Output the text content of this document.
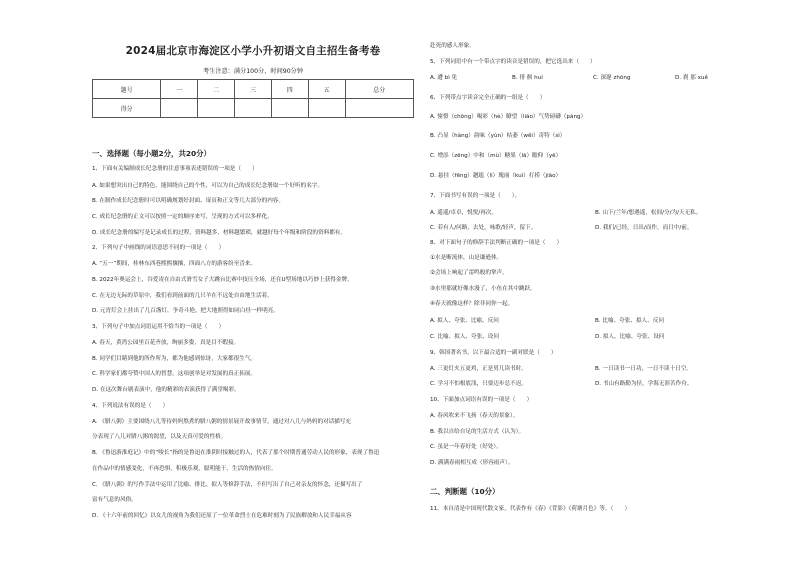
2024届北京市海淀区小学小升初语文自主招生备考卷
考生注意：满分100分，时间90分钟
题号	一	二	三	四	五	总分
得分						
一、选择题（每小题2分，共20分）
1、下面有关编制成长纪念册的注意事项表述错误的一项是（　　）
A. 如果想突出自己的特色，能围绕自己的个性，可以为自己的成长纪念册取一个好听的名字。
B. 在制作成长纪念册时可以明确规划好封面、扉页和正文等几大部分的内容。
C. 成长纪念册的正文可以按照一定的顺序来写，呈现的方式可以多样化。
D. 成长纪念册的编写是记录成长的过程，资料越多，材料越繁琐，就越好每个年级和阶段的资料都有。
2、下列句子中画线的词语意思不同的一项是（　　）
A. “五一”期间，桂林东西巷熙熙攘攘，四面八方的游客纷至沓来。
B. 2022年奥运会上，谷爱凌在自由式滑雪女子大跳台比赛中技压全场，还在U型场地以巧妙上获得金牌。
C. 在无边无际的草原中，我们看到前面的几只羊在不远处自由地生活着。
D. 元宵灯会上挂出了几百盏灯，争奇斗艳，把大地照得如同白昼一样明亮。
3、下列句子中加点词语运用不恰当的一项是（　　）
A. 春天，黄湾公园里百花齐放，绚丽多姿，真是目不暇接。
B. 同学们目睹到他的所作所为，都为他感到惊讶，大家都很生气。
C. 科学家们都夸赞中国人的智慧，这项创举是对发展的真正拓展。
D. 在这次舞台剧表演中，他的精彩的表演获得了满堂喝彩。
4、下列说法有误的是（　　）
A. 《腊八粥》主要围绕八儿等待妈妈熬煮的腊八粥的情景展开故事情节，通过对八儿与妈妈的对话描写充
分表现了八儿对腊八粥的渴望，以及天真可爱的性格。
B. 《鲁迅游淮庭记》中的“唆长”指的是鲁迅在淮阴时接触过的人，代表了那个时期普通劳动人民的形象，表现了鲁迅
在作品中的情感变化，不再恐惧，积极乐观，聪明能干，生活的热情向往。
C. 《腊八粥》的写作手法中运用了比喻、排比、拟人等修辞手法，不但写出了自己对亲友的怀念，还描写出了
富有气息的风俗。
D. 《十六年前的回忆》以女儿的视角为我们还原了一位革命烈士在危难时刻为了民族解放和人民幸福从容
赴死的感人形象。
5、下列词语中有一个带点字的读音是错误的，把它选出来（　　）
A. 遭 bì 免	B. 徘 徊 huí	C. 深邃 zhōng	D. 刹 那 xuě
6、下列带点字读音完全正确的一组是（　　）
A. 憧憬（chōng）喝彩（hè）瞭望（liáo）气势磅礴（páng）
B. 凸显（hàng）韵味（yùn）枯萎（wěi）奇特（sì）
C. 增添（zēng）中和（mù）糖果（lā）瞻仰（yē）
D. 悬挂（fēng）趔趄（lì）瑰丽（kuì）打捞（jiāo）
7、下面书写有误的一项是（　　）。
A. 遥遥/卓卓，悦悦/再次。	B. 山下/兰年/想遇遥，松间/分/为/天无私。
C. 若有人/问路，去处，咏歌/轻声，留下。	D. 我们/已经，日出/而作，而日中/前。
8、对下面句子的修辞手法判断正确的一项是（　　）
①水是断流体，山是谦逊体。
②会场上响起了雷鸣般的掌声。
③水里那就好像水漫了，小鱼在其中跳跃。
④春天就像这样？除非同你一起。
A. 拟人、夸张、比喻、反问	B. 比喻、夸张、拟人、反问
C. 比喻、拟人、夸张、设问	D. 拟人、比喻、夸张、设问
9、韩国著名书，以下最合适的一副对联是（　　）
A. 三更灯火五更鸡，正是男儿读书时。	B. 一日读书一日功，一日不读十日空。
C. 学习不怕根底浅，只要迈步总不迟。	D. 书山有路勤为径，学海无涯苦作舟。
10、下面加点词语有误的一项是（　　）
A. 春风吹来不飞扬（春天的景象）。
B. 我以自给自足的生活方式（认为）。
C. 虽是一年春好处（好处）。
D. 满满春雨相互成（形容雨声）。
二、判断题（10分）
11、本自清是中国现代散文家，代表作有《春》《背影》《荷塘月色》等。（　　）
